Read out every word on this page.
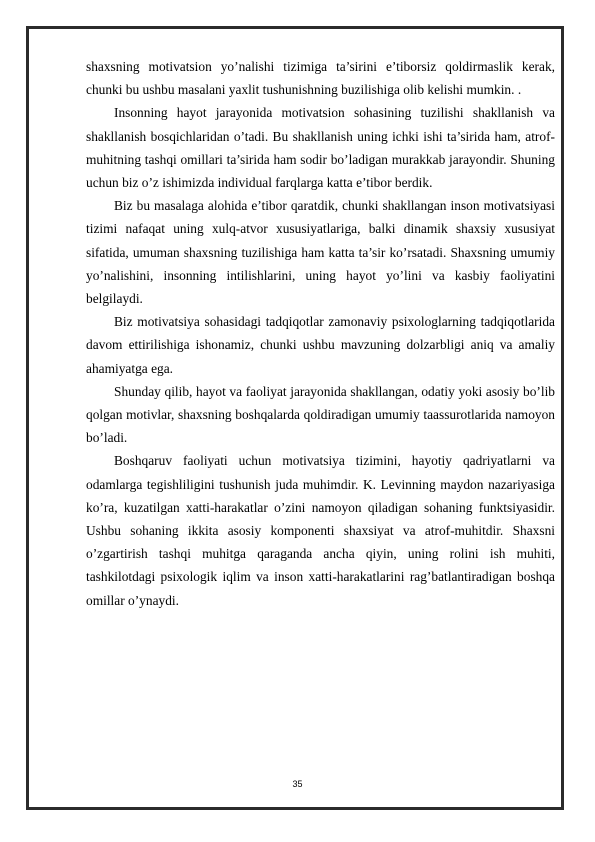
shaxsning motivatsion yo’nalishi tizimiga ta’sirini e’tiborsiz qoldirmaslik kerak, chunki bu ushbu masalani yaxlit tushunishning buzilishiga olib kelishi mumkin. .

Insonning hayot jarayonida motivatsion sohasining tuzilishi shakllanish va shakllanish bosqichlaridan o’tadi. Bu shakllanish uning ichki ishi ta’sirida ham, atrof-muhitning tashqi omillari ta’sirida ham sodir bo’ladigan murakkab jarayondir. Shuning uchun biz o’z ishimizda individual farqlarga katta e’tibor berdik.

Biz bu masalaga alohida e’tibor qaratdik, chunki shakllangan inson motivatsiyasi tizimi nafaqat uning xulq-atvor xususiyatlariga, balki dinamik shaxsiy xususiyat sifatida, umuman shaxsning tuzilishiga ham katta ta’sir ko’rsatadi. Shaxsning umumiy yo’nalishini, insonning intilishlarini, uning hayot yo’lini va kasbiy faoliyatini belgilaydi.

Biz motivatsiya sohasidagi tadqiqotlar zamonaviy psixologlarning tadqiqotlarida davom ettirilishiga ishonamiz, chunki ushbu mavzuning dolzarbligi aniq va amaliy ahamiyatga ega.

Shunday qilib, hayot va faoliyat jarayonida shakllangan, odatiy yoki asosiy bo’lib qolgan motivlar, shaxsning boshqalarda qoldiradigan umumiy taassurotlarida namoyon bo’ladi.

Boshqaruv faoliyati uchun motivatsiya tizimini, hayotiy qadriyatlarni va odamlarga tegishliligini tushunish juda muhimdir. K. Levinning maydon nazariyasiga ko’ra, kuzatilgan xatti-harakatlar o’zini namoyon qiladigan sohaning funktsiyasidir. Ushbu sohaning ikkita asosiy komponenti shaxsiyat va atrof-muhitdir. Shaxsni o’zgartirish tashqi muhitga qaraganda ancha qiyin, uning rolini ish muhiti, tashkilotdagi psixologik iqlim va inson xatti-harakatlarini rag’batlantiradigan boshqa omillar o’ynaydi.

35
